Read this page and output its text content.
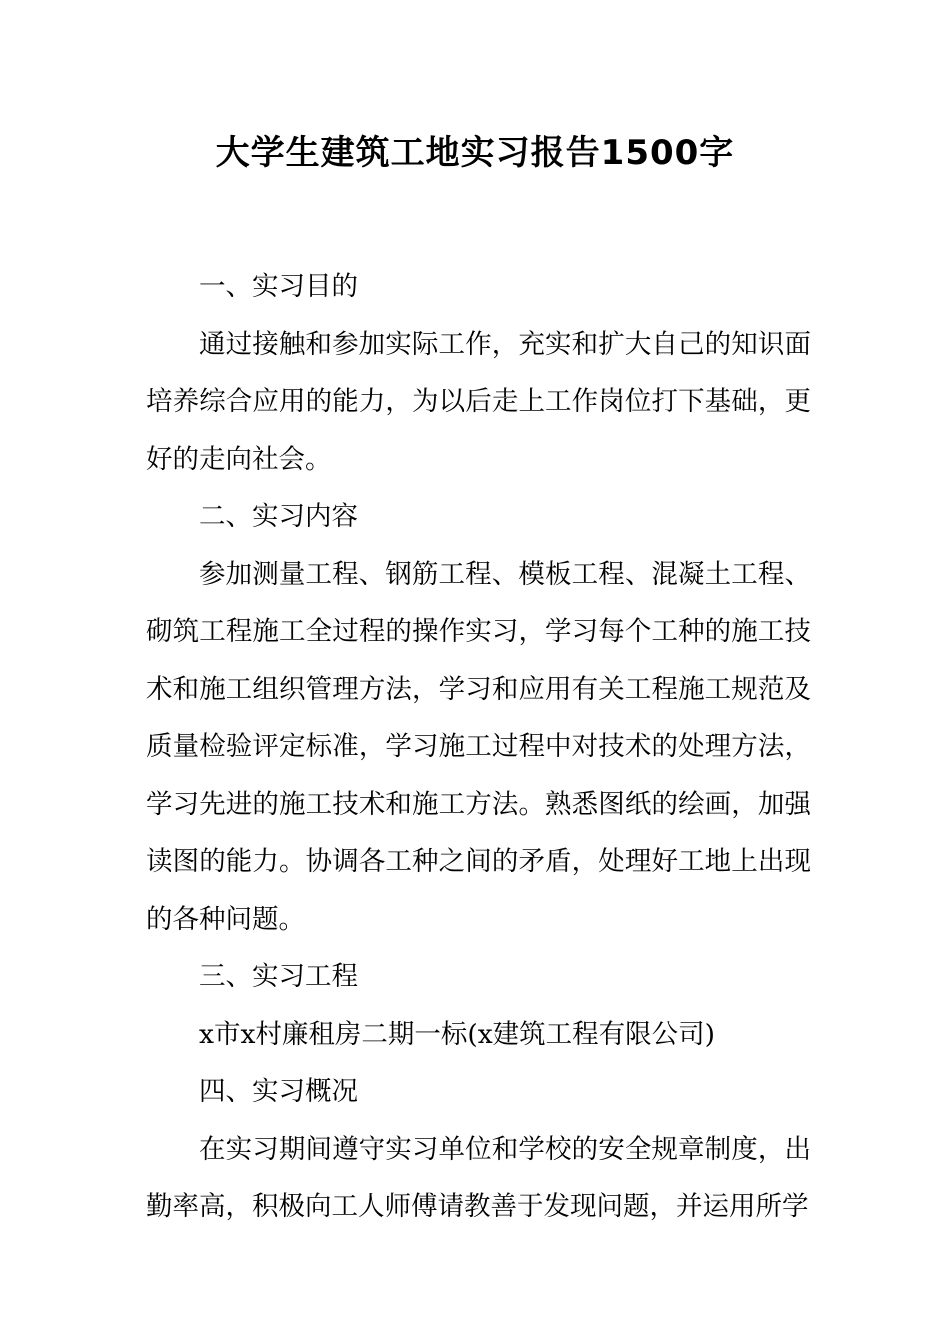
大学生建筑工地实习报告1500字

一、实习目的

通过接触和参加实际工作，充实和扩大自己的知识面培养综合应用的能力，为以后走上工作岗位打下基础，更好的走向社会。

二、实习内容

参加测量工程、钢筋工程、模板工程、混凝土工程、砌筑工程施工全过程的操作实习，学习每个工种的施工技术和施工组织管理方法，学习和应用有关工程施工规范及质量检验评定标准，学习施工过程中对技术的处理方法，学习先进的施工技术和施工方法。熟悉图纸的绘画，加强读图的能力。协调各工种之间的矛盾，处理好工地上出现的各种问题。

三、实习工程

x市x村廉租房二期一标(x建筑工程有限公司)

四、实习概况

在实习期间遵守实习单位和学校的安全规章制度，出勤率高，积极向工人师傅请教善于发现问题，并运用所学
